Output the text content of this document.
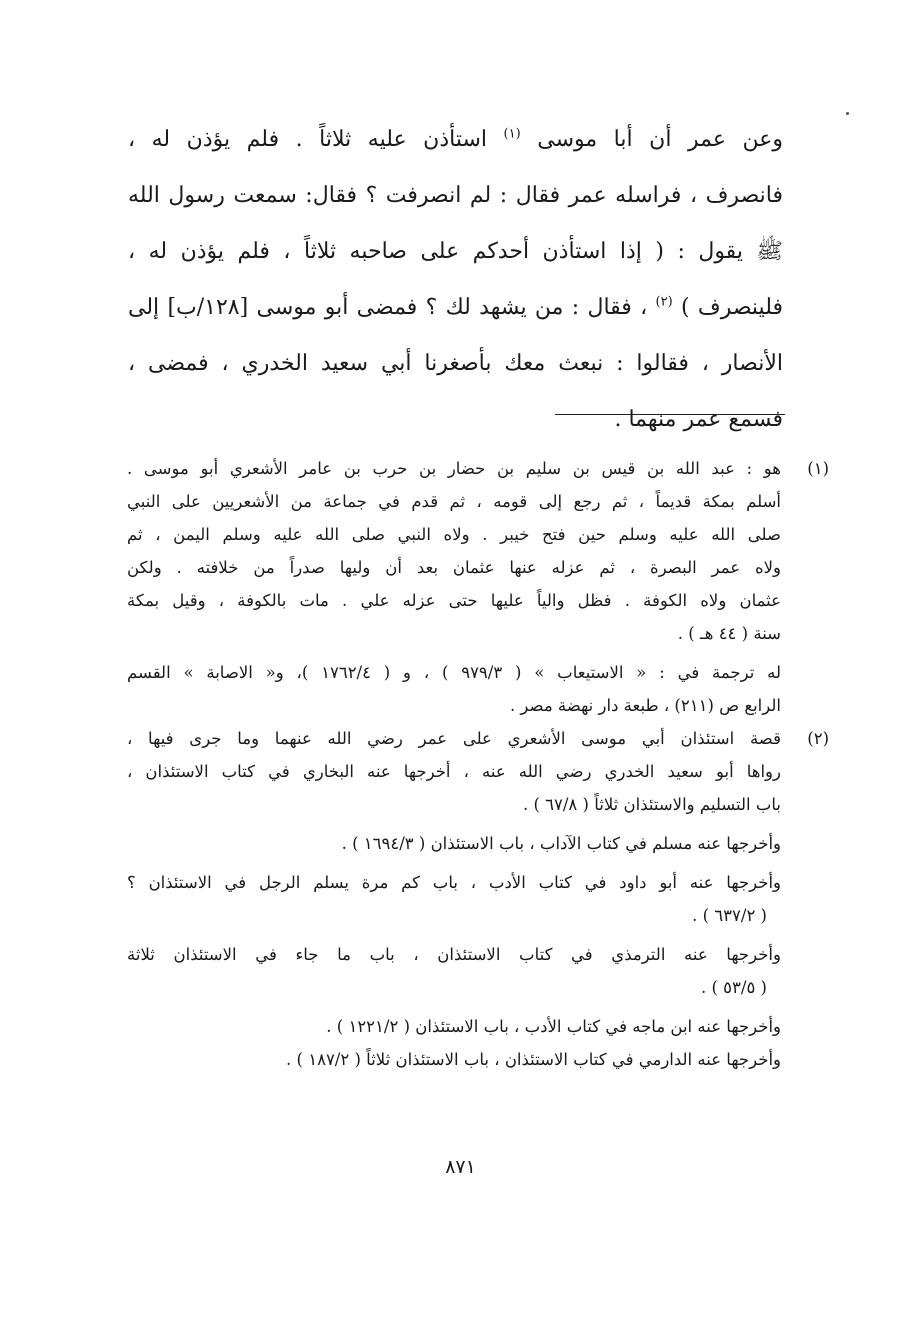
وعن عمر أن أبا موسى $^{(١)}$ استأذن عليه ثلاثاً . فلم يؤذن له ،
فانصرف ، فراسله عمر فقال : لم انصرفت ؟ فقال: سمعت رسول الله
ﷺ يقول : ( إذا استأذن أحدكم على صاحبه ثلاثاً ، فلم يؤذن له ،
فلينصرف ) $^{(٢)}$ ، فقال : من يشهد لك ؟ فمضى أبو موسى [١٢٨/ب] إلى
الأنصار ، فقالوا : نبعث معك بأصغرنا أبي سعيد الخدري ، فمضى ،
فسمع عمر منهما .
(١)
هو : عبد الله بن قيس بن سليم بن حضار بن حرب بن عامر الأشعري أبو موسى .
أسلم بمكة قديماً ، ثم رجع إلى قومه ، ثم قدم في جماعة من الأشعريين على النبي
صلى الله عليه وسلم حين فتح خيبر . ولاه النبي صلى الله عليه وسلم اليمن ، ثم
ولاه عمر البصرة ، ثم عزله عنها عثمان بعد أن وليها صدراً من خلافته . ولكن
عثمان ولاه الكوفة . فظل والياً عليها حتى عزله علي . مات بالكوفة ، وقيل بمكة
سنة ( ٤٤ هـ ) .
له ترجمة في : « الاستيعاب » ( ٩٧٩/٣ ) ، و ( ١٧٦٢/٤ )، و« الاصابة » القسم
الرابع ص (٢١١) ، طبعة دار نهضة مصر .
(٢)
قصة استئذان أبي موسى الأشعري على عمر رضي الله عنهما وما جرى فيها ،
رواها أبو سعيد الخدري رضي الله عنه ، أخرجها عنه البخاري في كتاب الاستئذان ،
باب التسليم والاستئذان ثلاثاً ( ٦٧/٨ ) .
وأخرجها عنه مسلم في كتاب الآداب ، باب الاستئذان ( ١٦٩٤/٣ ) .
وأخرجها عنه أبو داود في كتاب الأدب ، باب كم مرة يسلم الرجل في الاستئذان ؟
( ٦٣٧/٢ ) .
وأخرجها عنه الترمذي في كتاب الاستئذان ، باب ما جاء في الاستئذان ثلاثة
( ٥٣/٥ ) .
وأخرجها عنه ابن ماجه في كتاب الأدب ، باب الاستئذان ( ١٢٢١/٢ ) .
وأخرجها عنه الدارمي في كتاب الاستئذان ، باب الاستئذان ثلاثاً ( ١٨٧/٢ ) .
٨٧١
